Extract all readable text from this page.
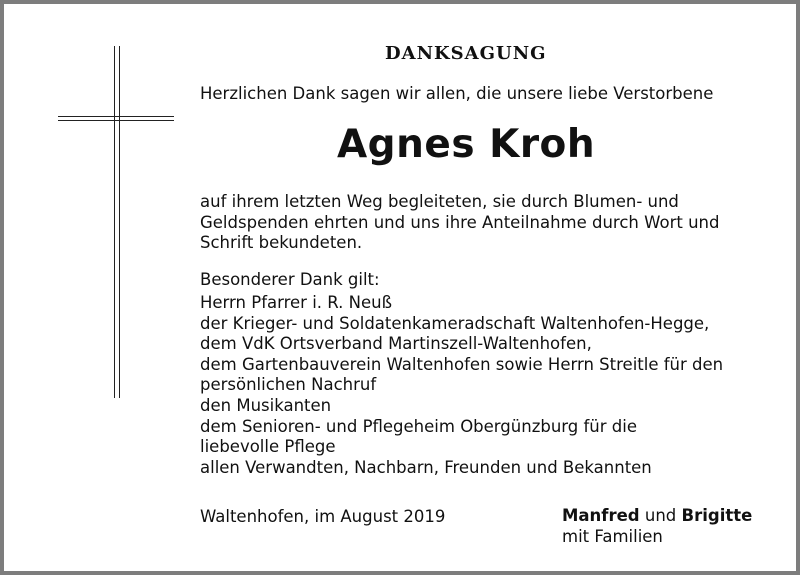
DANKSAGUNG
Herzlichen Dank sagen wir allen, die unsere liebe Verstorbene
Agnes Kroh
auf ihrem letzten Weg begleiteten, sie durch Blumen- und
Geldspenden ehrten und uns ihre Anteilnahme durch Wort und
Schrift bekundeten.
Besonderer Dank gilt:
Herrn Pfarrer i. R. Neuß
der Krieger- und Soldatenkameradschaft Waltenhofen-Hegge,
dem VdK Ortsverband Martinszell-Waltenhofen,
dem Gartenbauverein Waltenhofen sowie Herrn Streitle für den
persönlichen Nachruf
den Musikanten
dem Senioren- und Pflegeheim Obergünzburg für die
liebevolle Pflege
allen Verwandten, Nachbarn, Freunden und Bekannten
Waltenhofen, im August 2019	Manfred und Brigitte
mit Familien
